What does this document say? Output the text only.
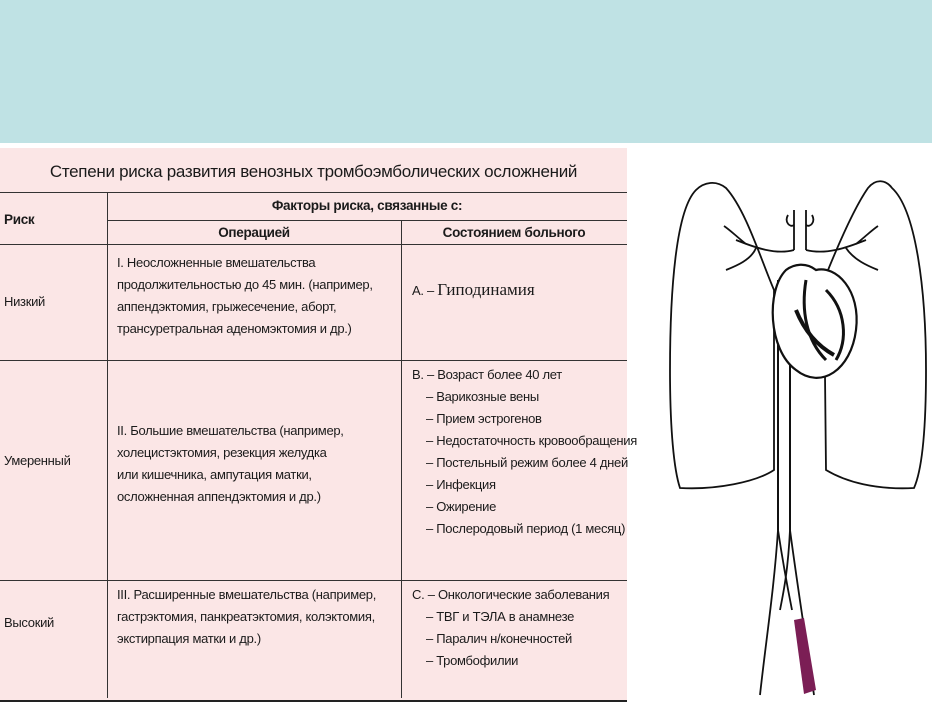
Степени риска развития венозных тромбоэмболических осложнений
Риск
Факторы риска, связанные с:
Операцией	Состоянием больного
Низкий
I. Неосложненные вмешательства
продолжительностью до 45 мин. (например,
аппендэктомия, грыжесечение, аборт,
трансуретральная аденомэктомия и др.)
А. – Гиподинамия
Умеренный
II. Большие вмешательства (например,
холецистэктомия, резекция желудка
или кишечника, ампутация матки,
осложненная аппендэктомия и др.)
В. – Возраст более 40 лет
– Варикозные вены
– Прием эстрогенов
– Недостаточность кровообращения
– Постельный режим более 4 дней
– Инфекция
– Ожирение
– Послеродовый период (1 месяц)
Высокий
III. Расширенные вмешательства (например,
гастрэктомия, панкреатэктомия, колэктомия,
экстирпация матки и др.)
С. – Онкологические заболевания
– ТВГ и ТЭЛА в анамнезе
– Паралич н/конечностей
– Тромбофилии
